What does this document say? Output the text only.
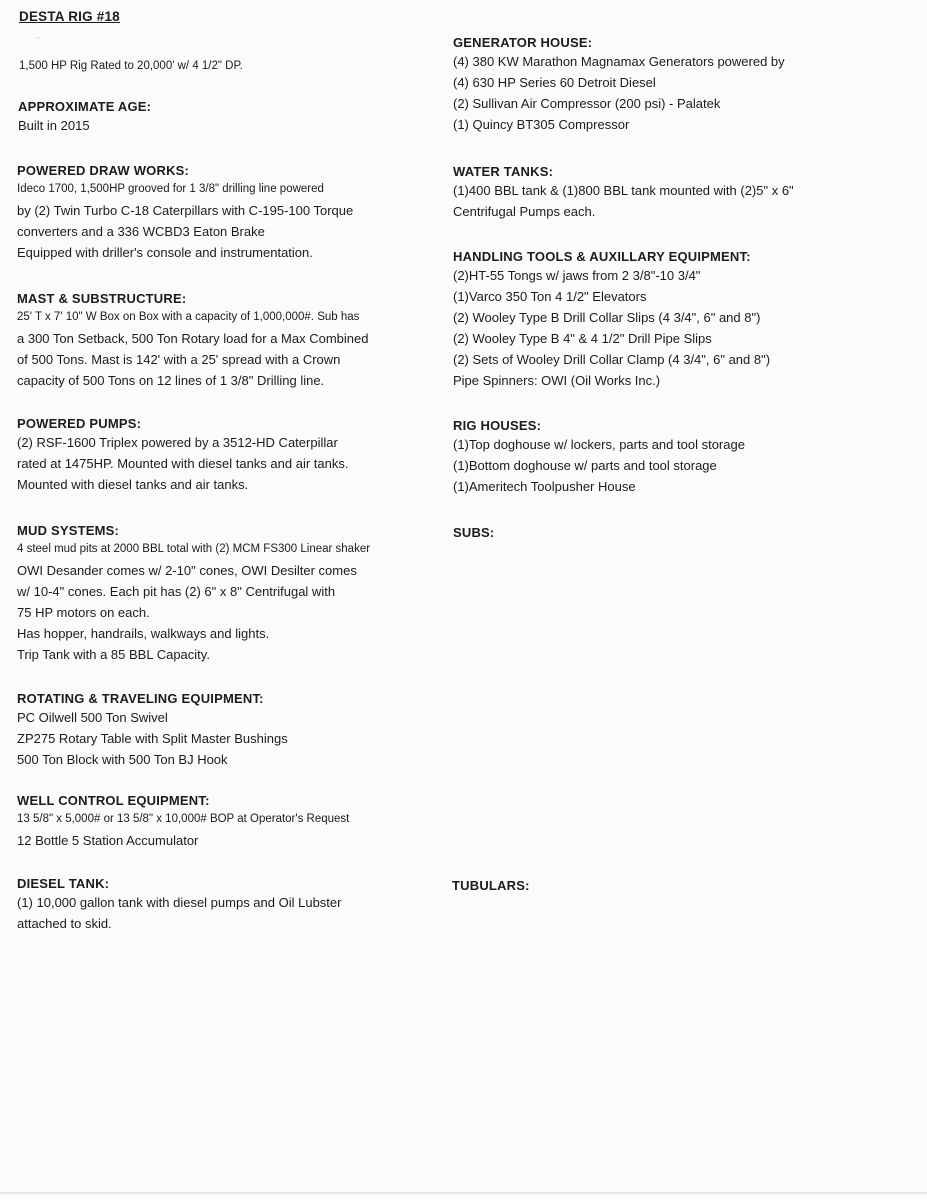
DESTA RIG #18
·
1,500 HP Rig Rated to 20,000' w/ 4 1/2" DP.
APPROXIMATE AGE:
Built in 2015
POWERED DRAW WORKS:
Ideco 1700, 1,500HP grooved for 1 3/8" drilling line powered
by (2) Twin Turbo C-18 Caterpillars with C-195-100 Torque
converters and a 336 WCBD3 Eaton Brake
Equipped with driller's console and instrumentation.
MAST & SUBSTRUCTURE:
25' T x 7' 10" W Box on Box with a capacity of 1,000,000#. Sub has
a 300 Ton Setback, 500 Ton Rotary load for a Max Combined
of 500 Tons. Mast is 142' with a 25' spread with a Crown
capacity of 500 Tons on 12 lines of 1 3/8" Drilling line.
POWERED PUMPS:
(2) RSF-1600 Triplex powered by a 3512-HD Caterpillar
rated at 1475HP. Mounted with diesel tanks and air tanks.
Mounted with diesel tanks and air tanks.
MUD SYSTEMS:
4 steel mud pits at 2000 BBL total with (2) MCM FS300 Linear shaker
OWI Desander comes w/ 2-10" cones, OWI Desilter comes
w/ 10-4" cones. Each pit has (2) 6" x 8" Centrifugal with
75 HP motors on each.
Has hopper, handrails, walkways and lights.
Trip Tank with a 85 BBL Capacity.
ROTATING & TRAVELING EQUIPMENT:
PC Oilwell 500 Ton Swivel
ZP275 Rotary Table with Split Master Bushings
500 Ton Block with 500 Ton BJ Hook
WELL CONTROL EQUIPMENT:
13 5/8" x 5,000# or 13 5/8" x 10,000# BOP at Operator's Request
12 Bottle 5 Station Accumulator
DIESEL TANK:
(1) 10,000 gallon tank with diesel pumps and Oil Lubster
attached to skid.
GENERATOR HOUSE:
(4) 380 KW Marathon Magnamax Generators powered by
(4) 630 HP Series 60 Detroit Diesel
(2) Sullivan Air Compressor (200 psi) - Palatek
(1) Quincy BT305 Compressor
WATER TANKS:
(1)400 BBL tank & (1)800 BBL tank mounted with (2)5" x 6"
Centrifugal Pumps each.
HANDLING TOOLS & AUXILLARY EQUIPMENT:
(2)HT-55 Tongs w/ jaws from 2 3/8"-10 3/4"
(1)Varco 350 Ton 4 1/2" Elevators
(2) Wooley Type B Drill Collar Slips (4 3/4", 6" and 8")
(2) Wooley Type B 4" & 4 1/2" Drill Pipe Slips
(2) Sets of Wooley Drill Collar Clamp (4 3/4", 6" and 8")
Pipe Spinners: OWI (Oil Works Inc.)
RIG HOUSES:
(1)Top doghouse w/ lockers, parts and tool storage
(1)Bottom doghouse w/ parts and tool storage
(1)Ameritech Toolpusher House
SUBS:
TUBULARS:
